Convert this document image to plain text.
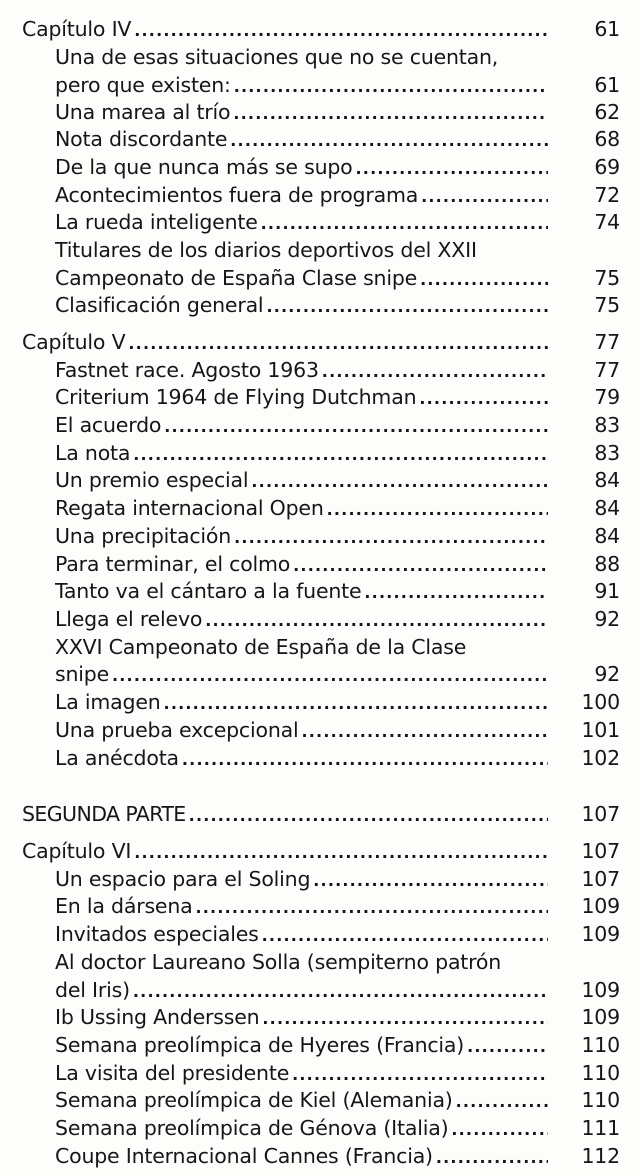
Capítulo IV .....	61
Una de esas situaciones que no se cuentan,
pero que existen: .....	61
Una marea al trío .....	62
Nota discordante .....	68
De la que nunca más se supo .....	69
Acontecimientos fuera de programa .....	72
La rueda inteligente .....	74
Titulares de los diarios deportivos del XXII
Campeonato de España Clase snipe .....	75
Clasificación general .....	75
Capítulo V .....	77
Fastnet race. Agosto 1963 .....	77
Criterium 1964 de Flying Dutchman .....	79
El acuerdo .....	83
La nota .....	83
Un premio especial .....	84
Regata internacional Open .....	84
Una precipitación .....	84
Para terminar, el colmo .....	88
Tanto va el cántaro a la fuente .....	91
Llega el relevo .....	92
XXVI Campeonato de España de la Clase
snipe .....	92
La imagen .....	100
Una prueba excepcional .....	101
La anécdota .....	102
SEGUNDA PARTE .....	107
Capítulo VI .....	107
Un espacio para el Soling .....	107
En la dársena .....	109
Invitados especiales .....	109
Al doctor Laureano Solla (sempiterno patrón
del Iris) .....	109
Ib Ussing Anderssen .....	109
Semana preolímpica de Hyeres (Francia) .....	110
La visita del presidente .....	110
Semana preolímpica de Kiel (Alemania) .....	110
Semana preolímpica de Génova (Italia) .....	111
Coupe Internacional Cannes (Francia) .....	112
